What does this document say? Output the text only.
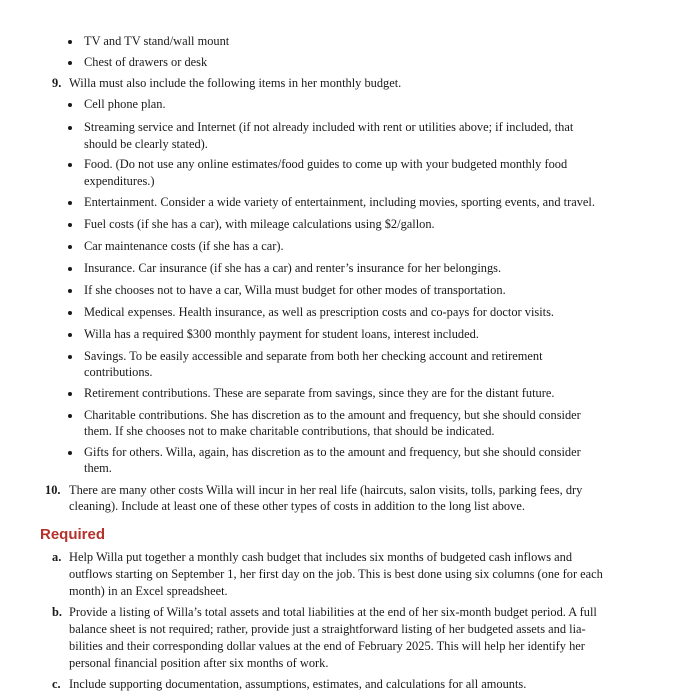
TV and TV stand/wall mount
Chest of drawers or desk
9. Willa must also include the following items in her monthly budget.
Cell phone plan.
Streaming service and Internet (if not already included with rent or utilities above; if included, that
should be clearly stated).
Food. (Do not use any online estimates/food guides to come up with your budgeted monthly food
expenditures.)
Entertainment. Consider a wide variety of entertainment, including movies, sporting events, and travel.
Fuel costs (if she has a car), with mileage calculations using $2/gallon.
Car maintenance costs (if she has a car).
Insurance. Car insurance (if she has a car) and renter’s insurance for her belongings.
If she chooses not to have a car, Willa must budget for other modes of transportation.
Medical expenses. Health insurance, as well as prescription costs and co-pays for doctor visits.
Willa has a required $300 monthly payment for student loans, interest included.
Savings. To be easily accessible and separate from both her checking account and retirement
contributions.
Retirement contributions. These are separate from savings, since they are for the distant future.
Charitable contributions. She has discretion as to the amount and frequency, but she should consider
them. If she chooses not to make charitable contributions, that should be indicated.
Gifts for others. Willa, again, has discretion as to the amount and frequency, but she should consider
them.
10. There are many other costs Willa will incur in her real life (haircuts, salon visits, tolls, parking fees, dry
cleaning). Include at least one of these other types of costs in addition to the long list above.
Required
a. Help Willa put together a monthly cash budget that includes six months of budgeted cash inflows and
outflows starting on September 1, her first day on the job. This is best done using six columns (one for each
month) in an Excel spreadsheet.
b. Provide a listing of Willa’s total assets and total liabilities at the end of her six-month budget period. A full
balance sheet is not required; rather, provide just a straightforward listing of her budgeted assets and lia-
bilities and their corresponding dollar values at the end of February 2025. This will help her identify her
personal financial position after six months of work.
c. Include supporting documentation, assumptions, estimates, and calculations for all amounts.
